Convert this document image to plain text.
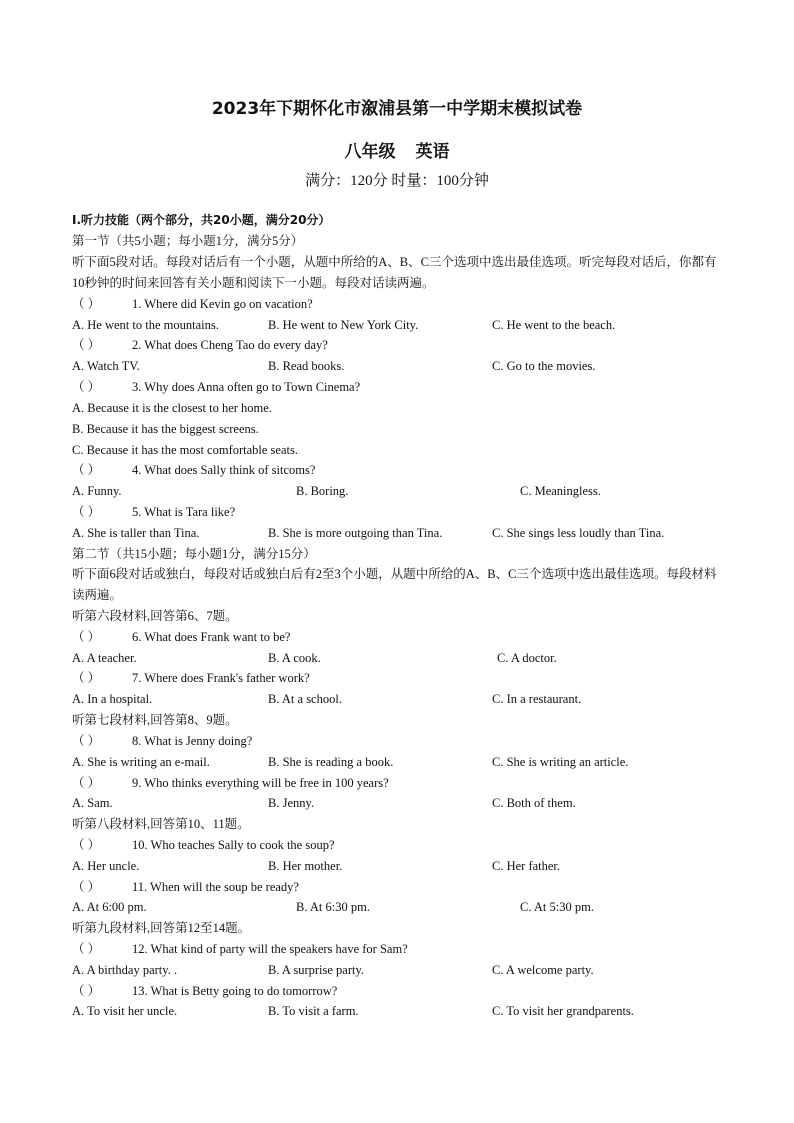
2023年下期怀化市溆浦县第一中学期末模拟试卷
八年级 英语
满分：120分 时量：100分钟
Ⅰ.听力技能（两个部分，共20小题，满分20分）
第一节（共5小题；每小题1分，满分5分）
听下面5段对话。每段对话后有一个小题，从题中所给的A、B、C三个选项中选出最佳选项。听完每段对话后，你都有10秒钟的时间来回答有关小题和阅读下一小题。每段对话读两遍。
（ ）	1. Where did Kevin go on vacation?
A. He went to the mountains.	B. He went to New York City.	C. He went to the beach.
（ ）	2. What does Cheng Tao do every day?
A. Watch TV.	B. Read books.	C. Go to the movies.
（ ）	3. Why does Anna often go to Town Cinema?
A. Because it is the closest to her home.
B. Because it has the biggest screens.
C. Because it has the most comfortable seats.
（ ）	4. What does Sally think of sitcoms?
A. Funny.	B. Boring.	C. Meaningless.
（ ）	5. What is Tara like?
A. She is taller than Tina.	B. She is more outgoing than Tina.	C. She sings less loudly than Tina.
第二节（共15小题；每小题1分，满分15分）
听下面6段对话或独白，每段对话或独白后有2至3个小题，从题中所给的A、B、C三个选项中选出最佳选项。每段材料读两遍。
听第六段材料,回答第6、7题。
（ ）	6. What does Frank want to be?
A. A teacher.	B. A cook.	C. A doctor.
（ ）	7. Where does Frank's father work?
A. In a hospital.	B. At a school.	C. In a restaurant.
听第七段材料,回答第8、9题。
（ ）	8. What is Jenny doing?
A. She is writing an e-mail.	B. She is reading a book.	C. She is writing an article.
（ ）	9. Who thinks everything will be free in 100 years?
A. Sam.	B. Jenny.	C. Both of them.
听第八段材料,回答第10、11题。
（ ）	10. Who teaches Sally to cook the soup?
A. Her uncle.	B. Her mother.	C. Her father.
（ ）	11. When will the soup be ready?
A. At 6:00 pm.	B. At 6:30 pm.	C. At 5:30 pm.
听第九段材料,回答第12至14题。
（ ）	12. What kind of party will the speakers have for Sam?
A. A birthday party. .	B. A surprise party.	C. A welcome party.
（ ）	13. What is Betty going to do tomorrow?
A. To visit her uncle.	B. To visit a farm.	C. To visit her grandparents.
